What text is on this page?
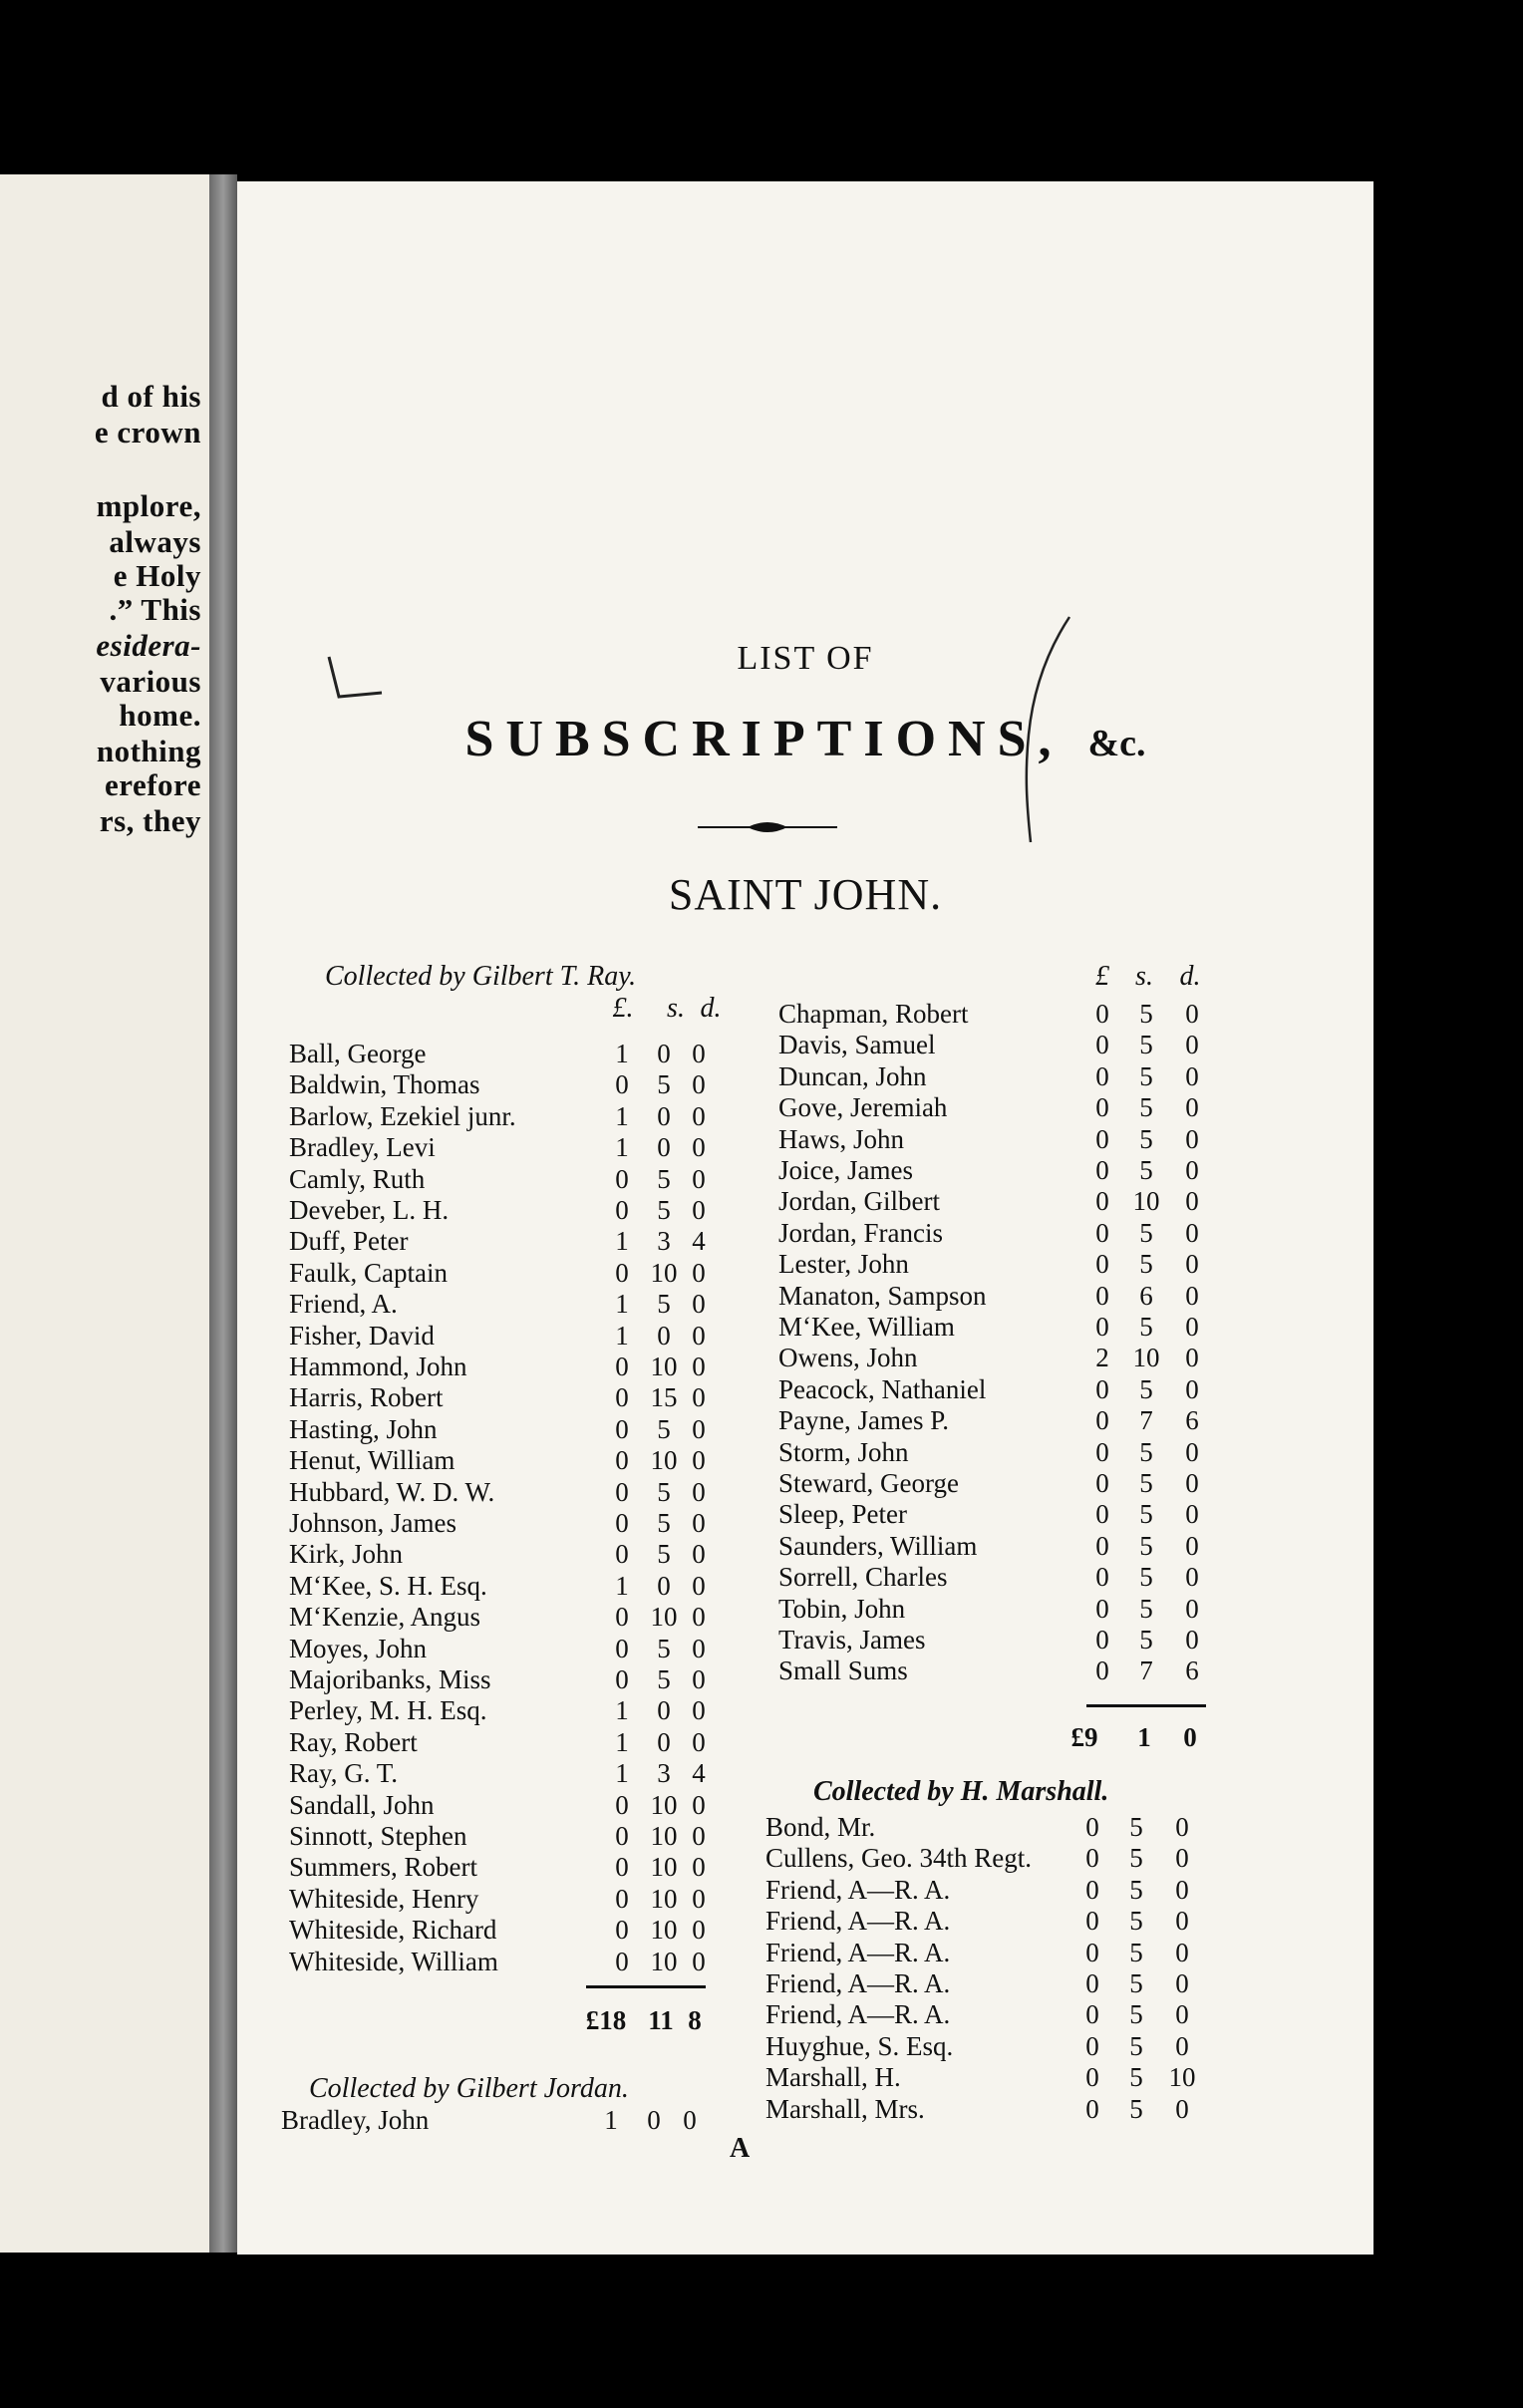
d of his
e crown
mplore,
always
e Holy
.” This
esidera-
various
home.
nothing
erefore
rs, they
LIST OF
SUBSCRIPTIONS, &c.
SAINT JOHN.
Collected by Gilbert T. Ray.
£.	s. d.
£ s. d.
Ball, George	1	0 0
Baldwin, Thomas	0	5 0
Barlow, Ezekiel junr.	1	0 0
Bradley, Levi	1	0 0
Camly, Ruth	0	5 0
Deveber, L. H.	0	5 0
Duff, Peter	1	3 4
Faulk, Captain	0 10 0
Friend, A.	1	5 0
Fisher, David	1	0 0
Hammond, John	0 10 0
Harris, Robert	0 15 0
Hasting, John	0	5 0
Henut, William	0 10 0
Hubbard, W. D. W.	0	5 0
Johnson, James	0	5 0
Kirk, John	0	5 0
M‘Kee, S. H. Esq.	1	0 0
M‘Kenzie, Angus	0 10 0
Moyes, John	0	5 0
Majoribanks, Miss	0	5 0
Perley, M. H. Esq.	1	0 0
Ray, Robert	1	0 0
Ray, G. T.	1	3 4
Sandall, John	0 10 0
Sinnott, Stephen	0 10 0
Summers, Robert	0 10 0
Whiteside, Henry	0 10 0
Whiteside, Richard	0 10 0
Whiteside, William	0 10 0
Bradley, John	1	0 0
Chapman, Robert	0	5	0
Davis, Samuel	0	5	0
Duncan, John	0	5	0
Gove, Jeremiah	0	5	0
Haws, John	0	5	0
Joice, James	0	5	0
Jordan, Gilbert	0 10 0
Jordan, Francis	0	5	0
Lester, John	0	5	0
Manaton, Sampson	0	6	0
M‘Kee, William	0	5	0
Owens, John	2 10 0
Peacock, Nathaniel	0	5	0
Payne, James P.	0	7	6
Storm, John	0	5	0
Steward, George	0	5	0
Sleep, Peter	0	5	0
Saunders, William	0	5	0
Sorrell, Charles	0	5	0
Tobin, John	0	5	0
Travis, James	0	5	0
Small Sums	0	7	6
Bond, Mr.	0	5	0
Cullens, Geo. 34th Regt.	0	5	0
Friend, A—R. A.	0	5	0
Friend, A—R. A.	0	5	0
Friend, A—R. A.	0	5	0
Friend, A—R. A.	0	5	0
Friend, A—R. A.	0	5	0
Huyghue, S. Esq.	0	5	0
Marshall, H.	0	5 10
Marshall, Mrs.	0	5	0
£18 11 8
£9	1	0
Collected by Gilbert Jordan.
Collected by H. Marshall.
A
